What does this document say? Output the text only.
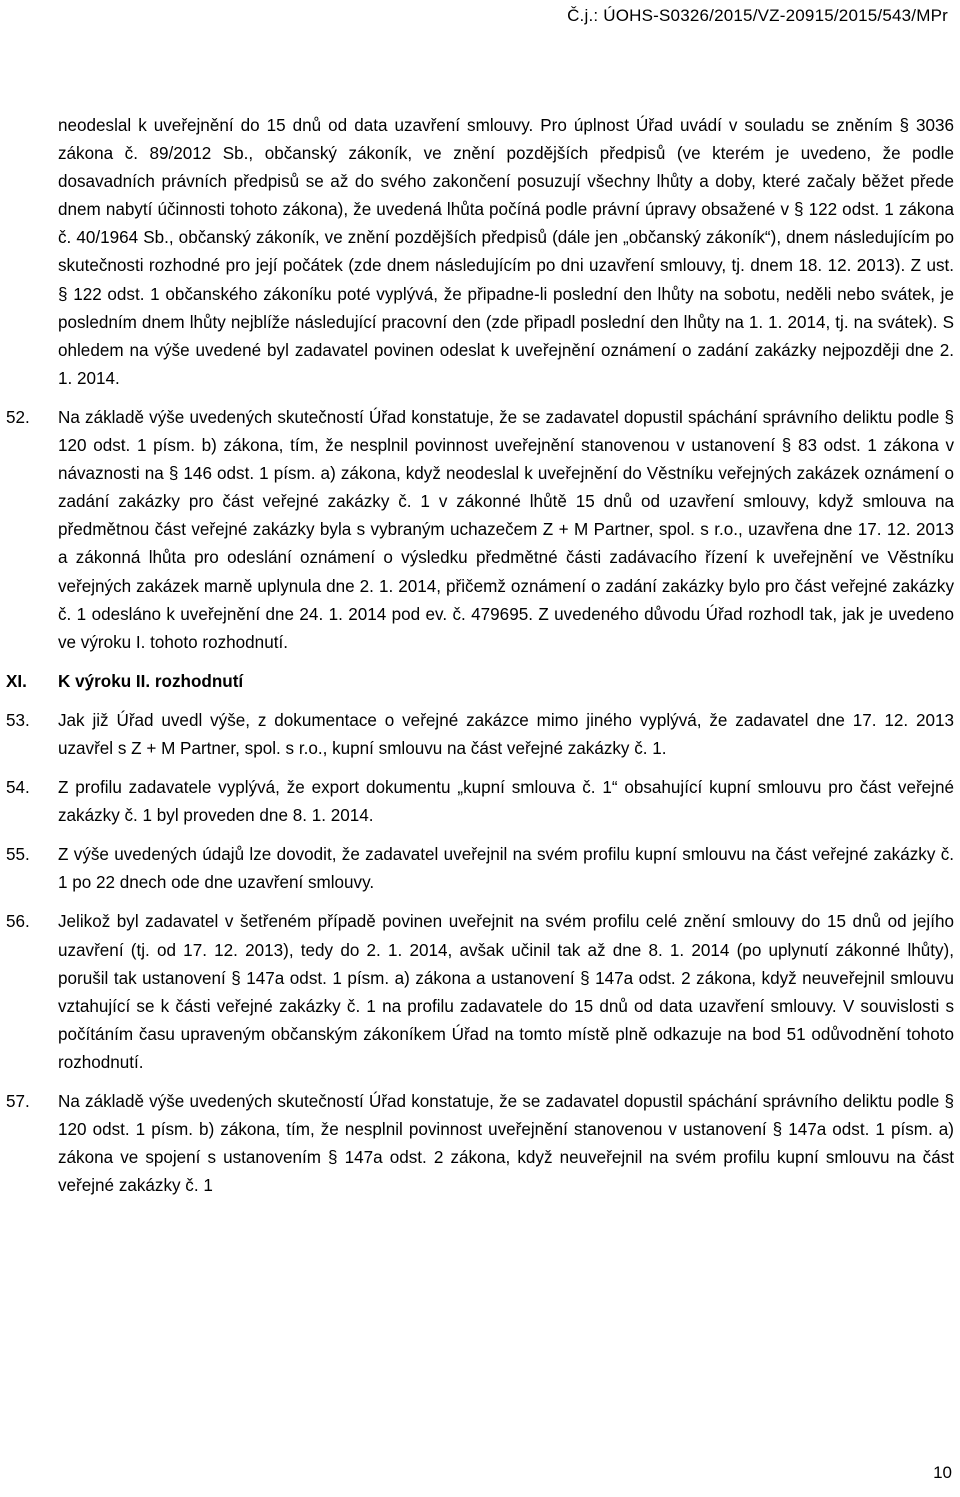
Č.j.: ÚOHS-S0326/2015/VZ-20915/2015/543/MPr

neodeslal k uveřejnění do 15 dnů od data uzavření smlouvy. Pro úplnost Úřad uvádí v souladu se zněním § 3036 zákona č. 89/2012 Sb., občanský zákoník, ve znění pozdějších předpisů (ve kterém je uvedeno, že podle dosavadních právních předpisů se až do svého zakončení posuzují všechny lhůty a doby, které začaly běžet přede dnem nabytí účinnosti tohoto zákona), že uvedená lhůta počíná podle právní úpravy obsažené v § 122 odst. 1 zákona č. 40/1964 Sb., občanský zákoník, ve znění pozdějších předpisů (dále jen „občanský zákoník“), dnem následujícím po skutečnosti rozhodné pro její počátek (zde dnem následujícím po dni uzavření smlouvy, tj. dnem 18. 12. 2013). Z ust. § 122 odst. 1 občanského zákoníku poté vyplývá, že připadne-li poslední den lhůty na sobotu, neděli nebo svátek, je posledním dnem lhůty nejblíže následující pracovní den (zde připadl poslední den lhůty na 1. 1. 2014, tj. na svátek). S ohledem na výše uvedené byl zadavatel povinen odeslat k uveřejnění oznámení o zadání zakázky nejpozději dne 2. 1. 2014.

52. Na základě výše uvedených skutečností Úřad konstatuje, že se zadavatel dopustil spáchání správního deliktu podle § 120 odst. 1 písm. b) zákona, tím, že nesplnil povinnost uveřejnění stanovenou v ustanovení § 83 odst. 1 zákona v návaznosti na § 146 odst. 1 písm. a) zákona, když neodeslal k uveřejnění do Věstníku veřejných zakázek oznámení o zadání zakázky pro část veřejné zakázky č. 1 v zákonné lhůtě 15 dnů od uzavření smlouvy, když smlouva na předmětnou část veřejné zakázky byla s vybraným uchazečem Z + M Partner, spol. s r.o., uzavřena dne 17. 12. 2013 a zákonná lhůta pro odeslání oznámení o výsledku předmětné části zadávacího řízení k uveřejnění ve Věstníku veřejných zakázek marně uplynula dne 2. 1. 2014, přičemž oznámení o zadání zakázky bylo pro část veřejné zakázky č. 1 odesláno k uveřejnění dne 24. 1. 2014 pod ev. č. 479695. Z uvedeného důvodu Úřad rozhodl tak, jak je uvedeno ve výroku I. tohoto rozhodnutí.

XI. K výroku II. rozhodnutí
53. Jak již Úřad uvedl výše, z dokumentace o veřejné zakázce mimo jiného vyplývá, že zadavatel dne 17. 12. 2013 uzavřel s Z + M Partner, spol. s r.o., kupní smlouvu na část veřejné zakázky č. 1.

54. Z profilu zadavatele vyplývá, že export dokumentu „kupní smlouva č. 1“ obsahující kupní smlouvu pro část veřejné zakázky č. 1 byl proveden dne 8. 1. 2014.

55. Z výše uvedených údajů lze dovodit, že zadavatel uveřejnil na svém profilu kupní smlouvu na část veřejné zakázky č. 1 po 22 dnech ode dne uzavření smlouvy.

56. Jelikož byl zadavatel v šetřeném případě povinen uveřejnit na svém profilu celé znění smlouvy do 15 dnů od jejího uzavření (tj. od 17. 12. 2013), tedy do 2. 1. 2014, avšak učinil tak až dne 8. 1. 2014 (po uplynutí zákonné lhůty), porušil tak ustanovení § 147a odst. 1 písm. a) zákona a ustanovení § 147a odst. 2 zákona, když neuveřejnil smlouvu vztahující se k části veřejné zakázky č. 1 na profilu zadavatele do 15 dnů od data uzavření smlouvy. V souvislosti s počítáním času upraveným občanským zákoníkem Úřad na tomto místě plně odkazuje na bod 51 odůvodnění tohoto rozhodnutí.

57. Na základě výše uvedených skutečností Úřad konstatuje, že se zadavatel dopustil spáchání správního deliktu podle § 120 odst. 1 písm. b) zákona, tím, že nesplnil povinnost uveřejnění stanovenou v ustanovení § 147a odst. 1 písm. a) zákona ve spojení s ustanovením § 147a odst. 2 zákona, když neuveřejnil na svém profilu kupní smlouvu na část veřejné zakázky č. 1

10
